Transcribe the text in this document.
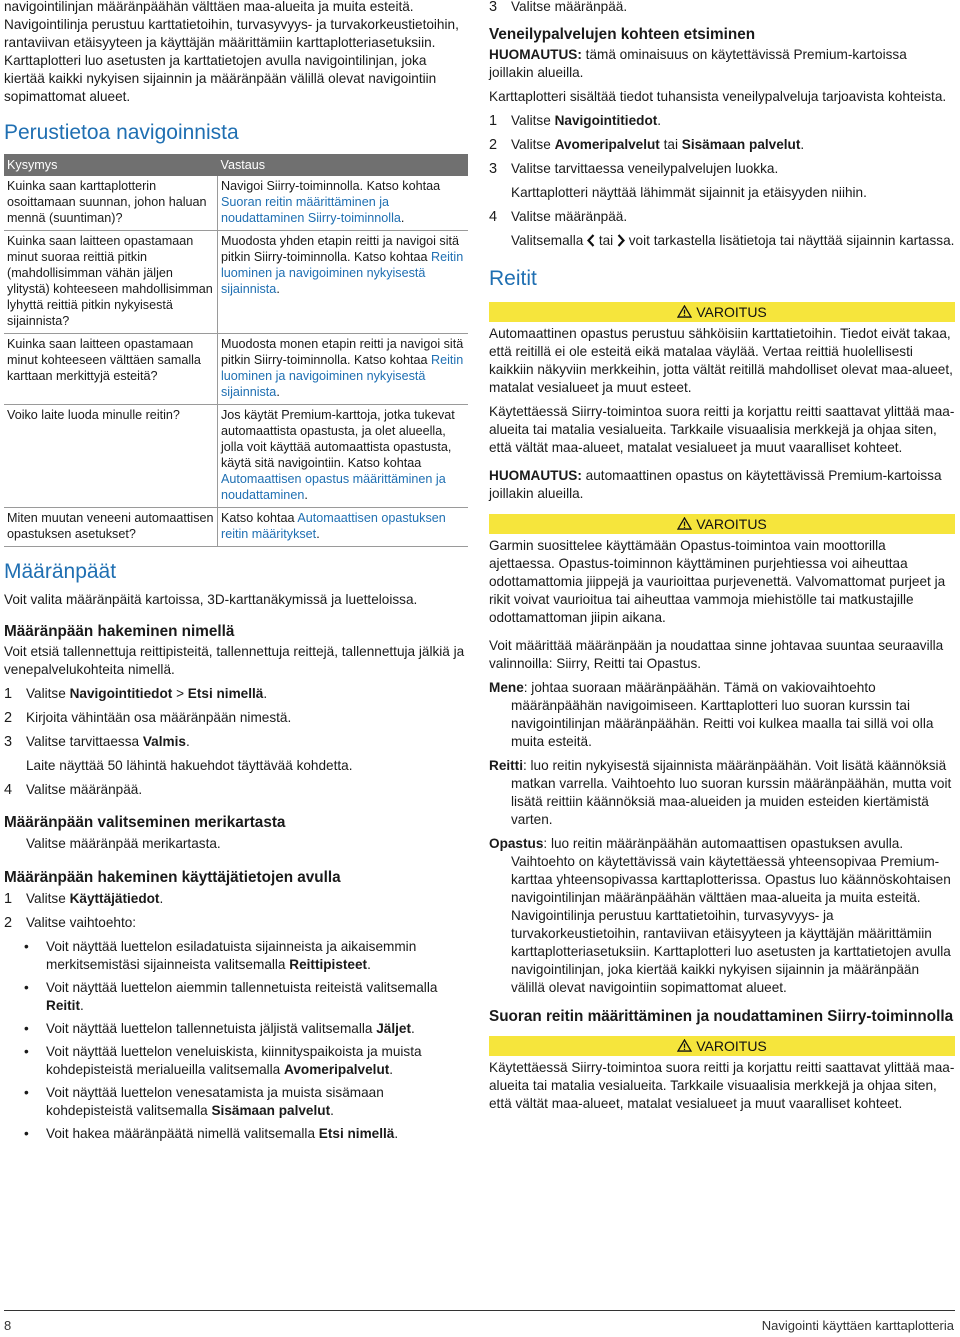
navigointilinjan määränpäähän välttäen maa-alueita ja muita esteitä. Navigointilinja perustuu karttatietoihin, turvasyvyys- ja turvakorkeustietoihin, rantaviivan etäisyyteen ja käyttäjän määrittämiin karttaplotteriasetuksiin. Karttaplotteri luo asetusten ja karttatietojen avulla navigointilinjan, joka kiertää kaikki nykyisen sijainnin ja määränpään välillä olevat navigointiin sopimattomat alueet.

Perustietoa navigoinnista
Kysymys	Vastaus
Kuinka saan karttaplotterin osoittamaan suunnan, johon haluan mennä (suuntiman)?	Navigoi Siirry-toiminnolla. Katso kohtaa Suoran reitin määrittäminen ja noudattaminen Siirry-toiminnolla.
Kuinka saan laitteen opastamaan minut suoraa reittiä pitkin (mahdollisimman vähän jäljen ylitystä) kohteeseen mahdollisimman lyhyttä reittiä pitkin nykyisestä sijainnista?	Muodosta yhden etapin reitti ja navigoi sitä pitkin Siirry-toiminnolla. Katso kohtaa Reitin luominen ja navigoiminen nykyisestä sijainnista.
Kuinka saan laitteen opastamaan minut kohteeseen välttäen samalla karttaan merkittyjä esteitä?	Muodosta monen etapin reitti ja navigoi sitä pitkin Siirry-toiminnolla. Katso kohtaa Reitin luominen ja navigoiminen nykyisestä sijainnista.
Voiko laite luoda minulle reitin?	Jos käytät Premium-karttoja, jotka tukevat automaattista opastusta, ja olet alueella, jolla voit käyttää automaattista opastusta, käytä sitä navigointiin. Katso kohtaa Automaattisen opastus määrittäminen ja noudattaminen.
Miten muutan veneeni automaattisen opastuksen asetukset?	Katso kohtaa Automaattisen opastuksen reitin määritykset.
Määränpäät

Voit valita määränpäitä kartoissa, 3D-karttanäkymissä ja luetteloissa.

Määränpään hakeminen nimellä

Voit etsiä tallennettuja reittipisteitä, tallennettuja reittejä, tallennettuja jälkiä ja venepalvelukohteita nimellä.

1	Valitse Navigointitiedot > Etsi nimellä.
2	Kirjoita vähintään osa määränpään nimestä.
3	Valitse tarvittaessa Valmis.

Laite näyttää 50 lähintä hakuehdot täyttävää kohdetta.

4	Valitse määränpää.
Määränpään valitseminen merikartasta

Valitse määränpää merikartasta.

Määränpään hakeminen käyttäjätietojen avulla
1	Valitse Käyttäjätiedot.
2	Valitse vaihtoehto:
• Voit näyttää luettelon esiladatuista sijainneista ja aikaisemmin merkitsemistäsi sijainneista valitsemalla Reittipisteet.
• Voit näyttää luettelon aiemmin tallennetuista reiteistä valitsemalla Reitit.
• Voit näyttää luettelon tallennetuista jäljistä valitsemalla Jäljet.
• Voit näyttää luettelon veneluiskista, kiinnityspaikoista ja muista kohdepisteistä merialueilla valitsemalla Avomeripalvelut.
• Voit näyttää luettelon venesatamista ja muista sisämaan kohdepisteistä valitsemalla Sisämaan palvelut.
• Voit hakea määränpäätä nimellä valitsemalla Etsi nimellä.
3	Valitse määränpää.
Veneilypalvelujen kohteen etsiminen

HUOMAUTUS: tämä ominaisuus on käytettävissä Premium-kartoissa joillakin alueilla.

Karttaplotteri sisältää tiedot tuhansista veneilypalveluja tarjoavista kohteista.

1	Valitse Navigointitiedot.
2	Valitse Avomeripalvelut tai Sisämaan palvelut.
3	Valitse tarvittaessa veneilypalvelujen luokka.

Karttaplotteri näyttää lähimmät sijainnit ja etäisyyden niihin.

4	Valitse määränpää.

Valitsemalla  tai  voit tarkastella lisätietoja tai näyttää sijainnin kartassa.

Reitit
VAROITUS

Automaattinen opastus perustuu sähköisiin karttatietoihin. Tiedot eivät takaa, että reitillä ei ole esteitä eikä matalaa väylää. Vertaa reittiä huolellisesti kaikkiin näkyviin merkkeihin, jotta vältät reitillä mahdolliset olevat maa-alueet, matalat vesialueet ja muut esteet.

Käytettäessä Siirry-toimintoa suora reitti ja korjattu reitti saattavat ylittää maa-alueita tai matalia vesialueita. Tarkkaile visuaalisia merkkejä ja ohjaa siten, että vältät maa-alueet, matalat vesialueet ja muut vaaralliset kohteet.

HUOMAUTUS: automaattinen opastus on käytettävissä Premium-kartoissa joillakin alueilla.

VAROITUS

Garmin suosittelee käyttämään Opastus-toimintoa vain moottorilla ajettaessa. Opastus-toiminnon käyttäminen purjehtiessa voi aiheuttaa odottamattomia jiippejä ja vaurioittaa purjevenettä. Valvomattomat purjeet ja rikit voivat vaurioitua tai aiheuttaa vammoja miehistölle tai matkustajille odottamattoman jiipin aikana.

Voit määrittää määränpään ja noudattaa sinne johtavaa suuntaa seuraavilla valinnoilla: Siirry, Reitti tai Opastus.

Mene: johtaa suoraan määränpäähän. Tämä on vakiovaihtoehto määränpäähän navigoimiseen. Karttaplotteri luo suoran kurssin tai navigointilinjan määränpäähän. Reitti voi kulkea maalla tai sillä voi olla muita esteitä.

Reitti: luo reitin nykyisestä sijainnista määränpäähän. Voit lisätä käännöksiä matkan varrella. Vaihtoehto luo suoran kurssin määränpäähän, mutta voit lisätä reittiin käännöksiä maa-alueiden ja muiden esteiden kiertämistä varten.

Opastus: luo reitin määränpäähän automaattisen opastuksen avulla. Vaihtoehto on käytettävissä vain käytettäessä yhteensopivaa Premium-karttaa yhteensopivassa karttaplotterissa. Opastus luo käännöskohtaisen navigointilinjan määränpäähän välttäen maa-alueita ja muita esteitä. Navigointilinja perustuu karttatietoihin, turvasyvyys- ja turvakorkeustietoihin, rantaviivan etäisyyteen ja käyttäjän määrittämiin karttaplotteriasetuksiin. Karttaplotteri luo asetusten ja karttatietojen avulla navigointilinjan, joka kiertää kaikki nykyisen sijainnin ja määränpään välillä olevat navigointiin sopimattomat alueet.

Suoran reitin määrittäminen ja noudattaminen Siirry-toiminnolla
VAROITUS

Käytettäessä Siirry-toimintoa suora reitti ja korjattu reitti saattavat ylittää maa-alueita tai matalia vesialueita. Tarkkaile visuaalisia merkkejä ja ohjaa siten, että vältät maa-alueet, matalat vesialueet ja muut vaaralliset kohteet.

8	Navigointi käyttäen karttaplotteria
